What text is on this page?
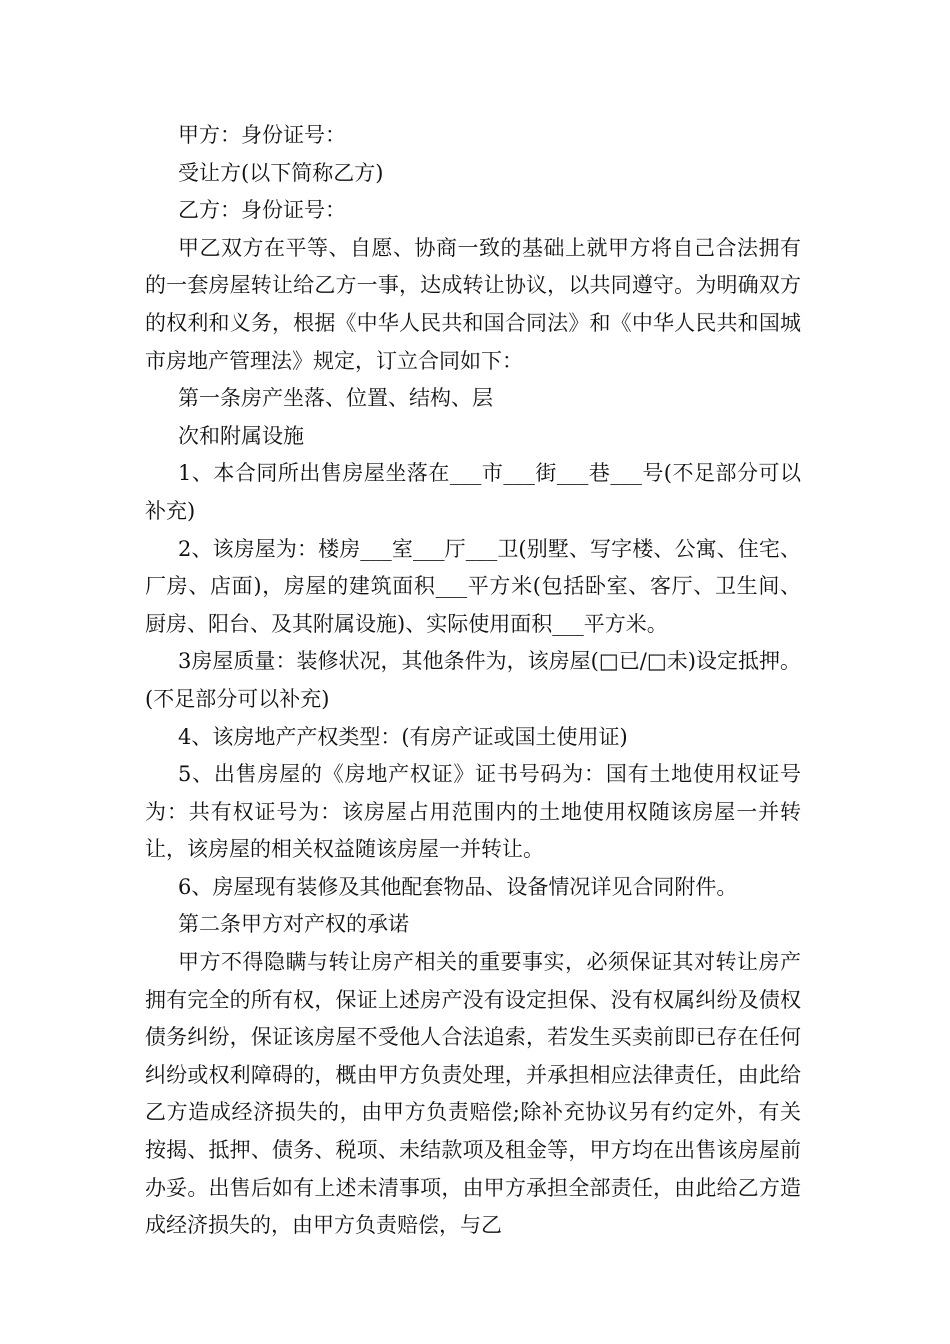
甲方：身份证号：

受让方(以下简称乙方)

乙方：身份证号：

甲乙双方在平等、自愿、协商一致的基础上就甲方将自己合法拥有的一套房屋转让给乙方一事，达成转让协议，以共同遵守。为明确双方的权利和义务，根据《中华人民共和国合同法》和《中华人民共和国城市房地产管理法》规定，订立合同如下：

第一条房产坐落、位置、结构、层

次和附属设施

1、本合同所出售房屋坐落在___市___街___巷___号(不足部分可以补充)

2、该房屋为：楼房___室___厅___卫(别墅、写字楼、公寓、住宅、厂房、店面)，房屋的建筑面积___平方米(包括卧室、客厅、卫生间、厨房、阳台、及其附属设施)、实际使用面积___平方米。

3房屋质量：装修状况，其他条件为，该房屋(□已/□未)设定抵押。(不足部分可以补充)

4、该房地产产权类型：(有房产证或国土使用证)

5、出售房屋的《房地产权证》证书号码为：国有土地使用权证号为：共有权证号为：该房屋占用范围内的土地使用权随该房屋一并转让，该房屋的相关权益随该房屋一并转让。

6、房屋现有装修及其他配套物品、设备情况详见合同附件。

第二条甲方对产权的承诺

甲方不得隐瞒与转让房产相关的重要事实，必须保证其对转让房产拥有完全的所有权，保证上述房产没有设定担保、没有权属纠纷及债权债务纠纷，保证该房屋不受他人合法追索，若发生买卖前即已存在任何纠纷或权利障碍的，概由甲方负责处理，并承担相应法律责任，由此给乙方造成经济损失的，由甲方负责赔偿;除补充协议另有约定外，有关按揭、抵押、债务、税项、未结款项及租金等，甲方均在出售该房屋前办妥。出售后如有上述未清事项，由甲方承担全部责任，由此给乙方造成经济损失的，由甲方负责赔偿，与乙
